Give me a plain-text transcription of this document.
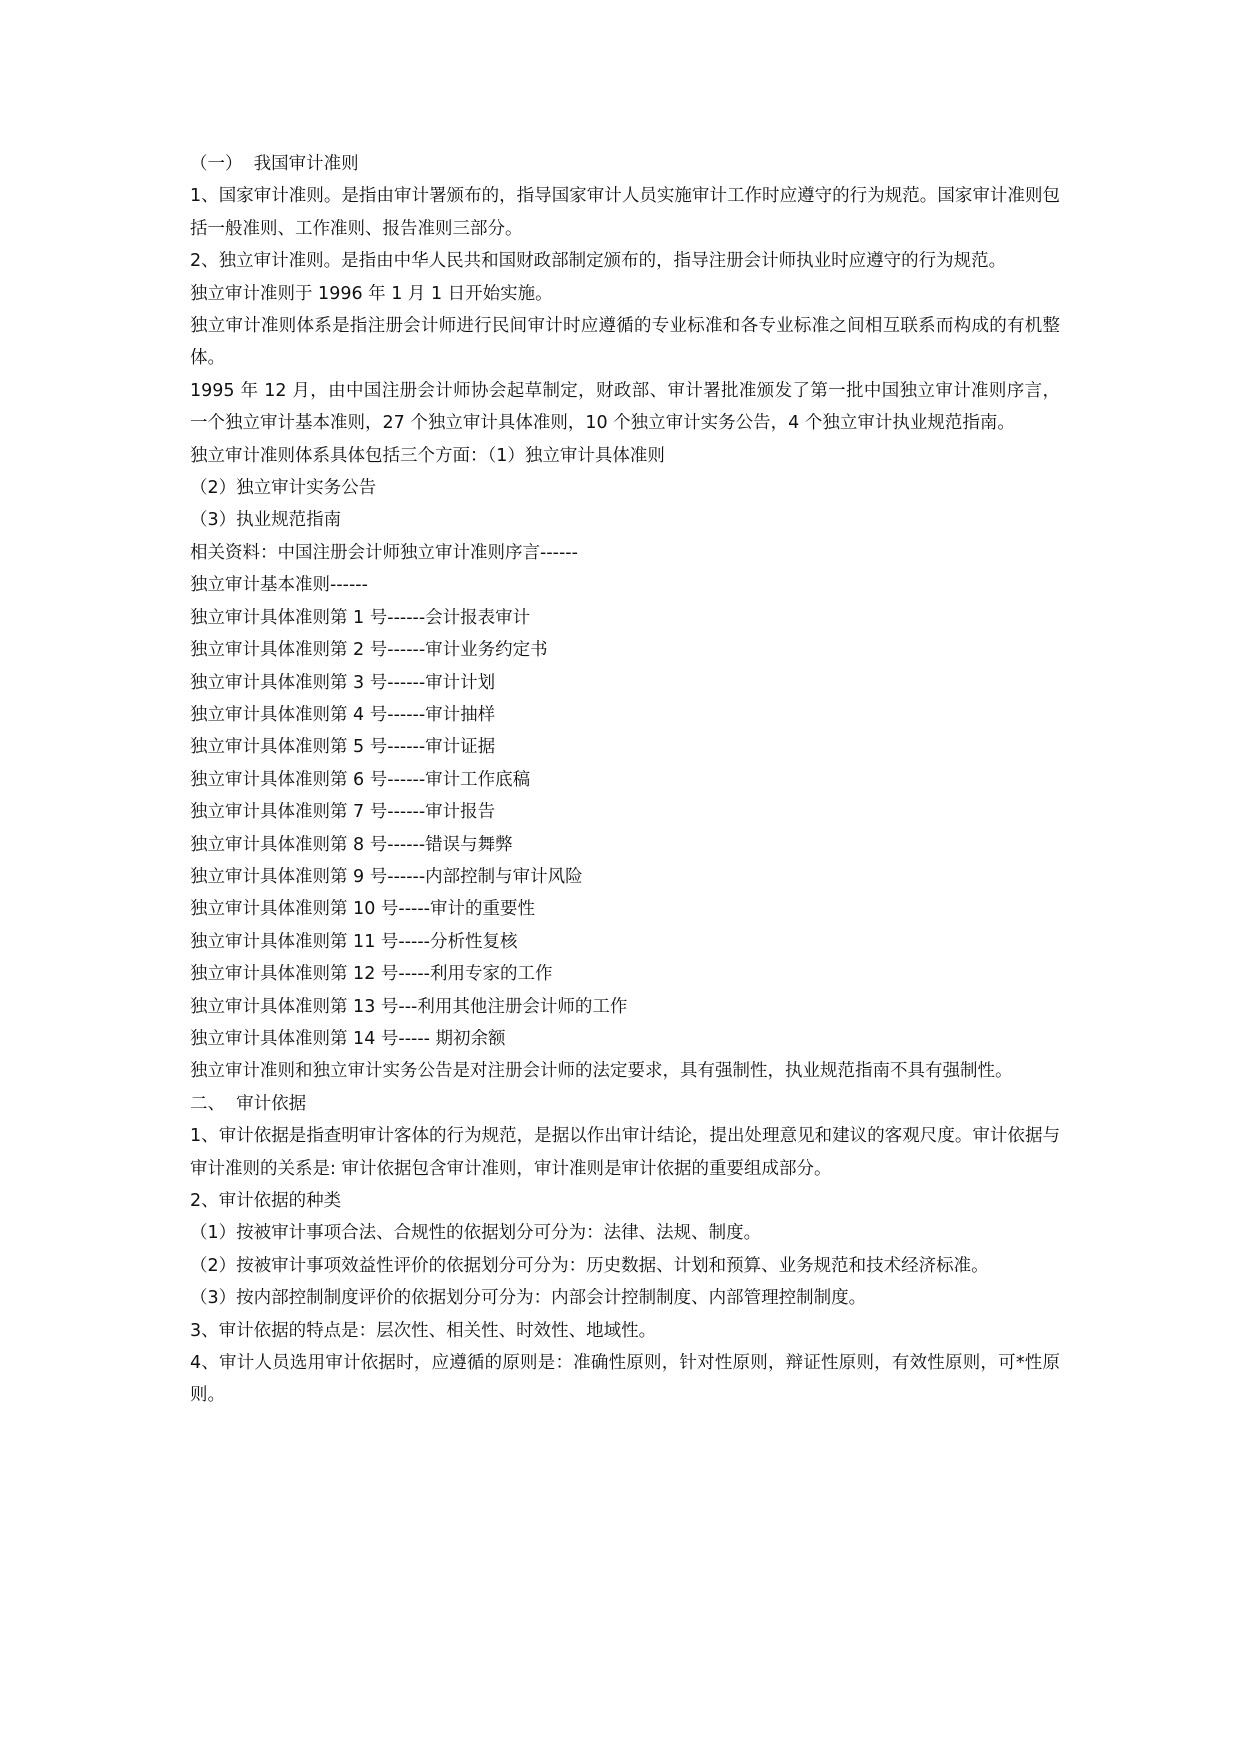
（一）  我国审计准则

1、国家审计准则。是指由审计署颁布的，指导国家审计人员实施审计工作时应遵守的行为规范。国家审计准则包括一般准则、工作准则、报告准则三部分。

2、独立审计准则。是指由中华人民共和国财政部制定颁布的，指导注册会计师执业时应遵守的行为规范。

独立审计准则于 1996 年 1 月 1 日开始实施。

独立审计准则体系是指注册会计师进行民间审计时应遵循的专业标准和各专业标准之间相互联系而构成的有机整体。

1995 年 12 月，由中国注册会计师协会起草制定，财政部、审计署批准颁发了第一批中国独立审计准则序言，一个独立审计基本准则，27 个独立审计具体准则，10 个独立审计实务公告，4 个独立审计执业规范指南。

独立审计准则体系具体包括三个方面：（1）独立审计具体准则

（2）独立审计实务公告

（3）执业规范指南

相关资料：中国注册会计师独立审计准则序言------

独立审计基本准则------

独立审计具体准则第 1 号------会计报表审计

独立审计具体准则第 2 号------审计业务约定书

独立审计具体准则第 3 号------审计计划

独立审计具体准则第 4 号------审计抽样

独立审计具体准则第 5 号------审计证据

独立审计具体准则第 6 号------审计工作底稿

独立审计具体准则第 7 号------审计报告

独立审计具体准则第 8 号------错误与舞弊

独立审计具体准则第 9 号------内部控制与审计风险

独立审计具体准则第 10 号-----审计的重要性

独立审计具体准则第 11 号-----分析性复核

独立审计具体准则第 12 号-----利用专家的工作

独立审计具体准则第 13 号---利用其他注册会计师的工作

独立审计具体准则第 14 号----- 期初余额

独立审计准则和独立审计实务公告是对注册会计师的法定要求，具有强制性，执业规范指南不具有强制性。

二、  审计依据

1、审计依据是指查明审计客体的行为规范，是据以作出审计结论，提出处理意见和建议的客观尺度。审计依据与审计准则的关系是: 审计依据包含审计准则，审计准则是审计依据的重要组成部分。

2、审计依据的种类

（1）按被审计事项合法、合规性的依据划分可分为：法律、法规、制度。

（2）按被审计事项效益性评价的依据划分可分为：历史数据、计划和预算、业务规范和技术经济标准。

（3）按内部控制制度评价的依据划分可分为：内部会计控制制度、内部管理控制制度。

3、审计依据的特点是：层次性、相关性、时效性、地域性。

4、审计人员选用审计依据时，应遵循的原则是：准确性原则，针对性原则，辩证性原则，有效性原则，可*性原则。
